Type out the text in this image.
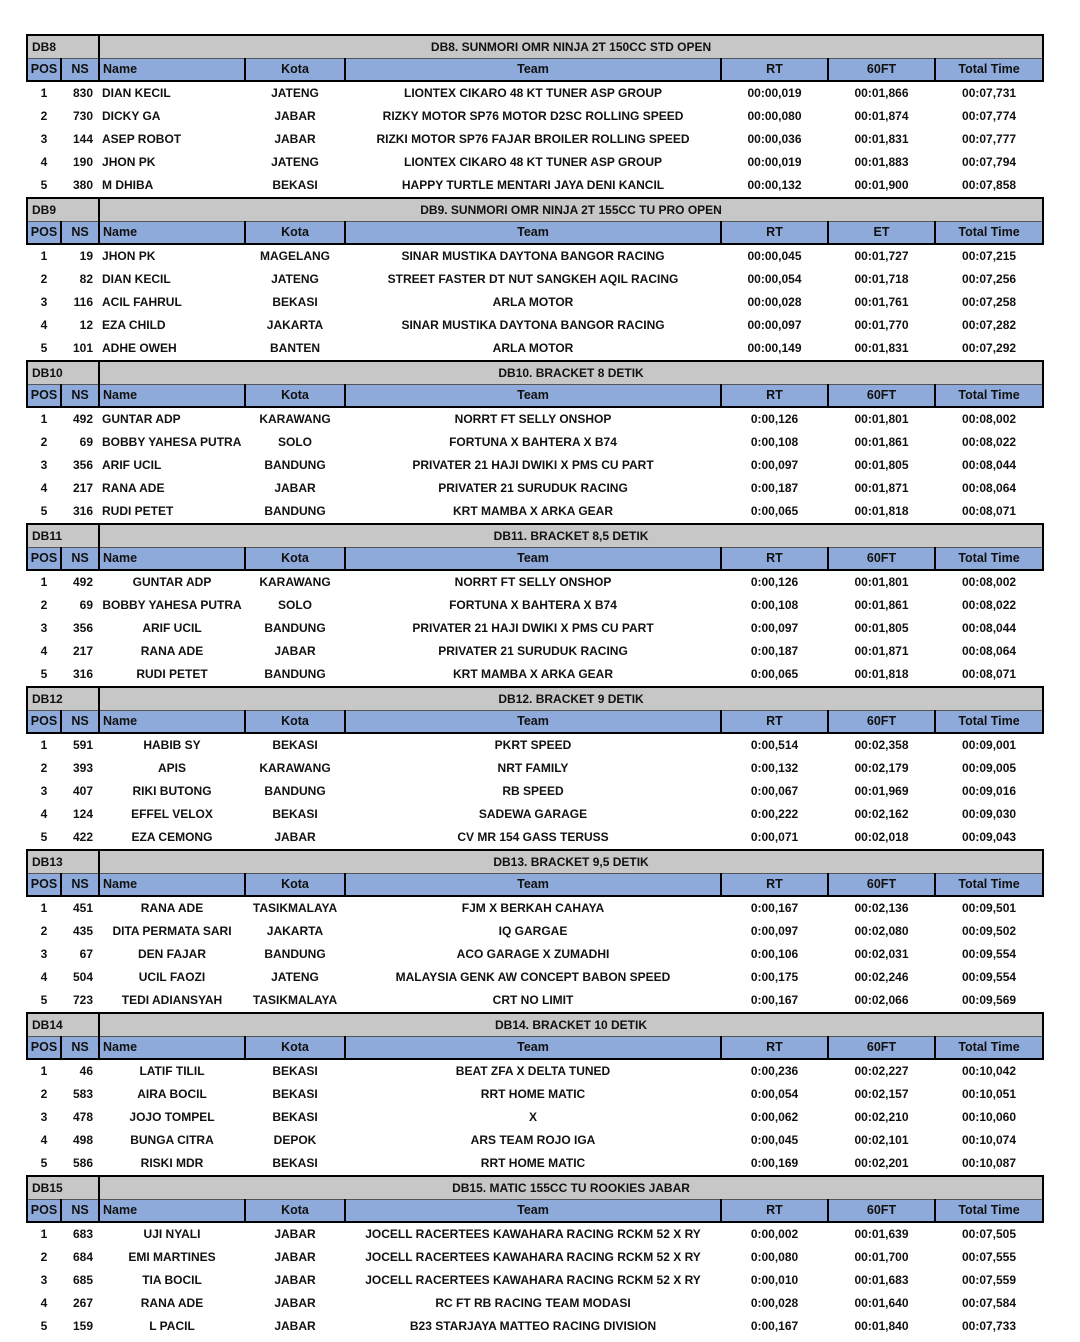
DB8		DB8. SUNMORI OMR NINJA 2T 150CC STD OPEN					
POS	NS	Name	Kota	Team	RT	60FT	Total Time
1	830	DIAN KECIL	JATENG	LIONTEX CIKARO 48 KT TUNER ASP GROUP	00:00,019	00:01,866	00:07,731
2	730	DICKY GA	JABAR	RIZKY MOTOR SP76 MOTOR D2SC ROLLING SPEED	00:00,080	00:01,874	00:07,774
3	144	ASEP ROBOT	JABAR	RIZKI MOTOR SP76 FAJAR BROILER ROLLING SPEED	00:00,036	00:01,831	00:07,777
4	190	JHON PK	JATENG	LIONTEX CIKARO 48 KT TUNER ASP GROUP	00:00,019	00:01,883	00:07,794
5	380	M DHIBA	BEKASI	HAPPY TURTLE MENTARI JAYA DENI KANCIL	00:00,132	00:01,900	00:07,858
DB9		DB9. SUNMORI OMR NINJA 2T 155CC TU PRO OPEN					
POS	NS	Name	Kota	Team	RT	ET	Total Time
1	19	JHON PK	MAGELANG	SINAR MUSTIKA DAYTONA BANGOR RACING	00:00,045	00:01,727	00:07,215
2	82	DIAN KECIL	JATENG	STREET FASTER DT NUT SANGKEH AQIL RACING	00:00,054	00:01,718	00:07,256
3	116	ACIL FAHRUL	BEKASI	ARLA MOTOR	00:00,028	00:01,761	00:07,258
4	12	EZA CHILD	JAKARTA	SINAR MUSTIKA DAYTONA BANGOR RACING	00:00,097	00:01,770	00:07,282
5	101	ADHE OWEH	BANTEN	ARLA MOTOR	00:00,149	00:01,831	00:07,292
DB10		DB10. BRACKET 8 DETIK					
POS	NS	Name	Kota	Team	RT	60FT	Total Time
1	492	GUNTAR ADP	KARAWANG	NORRT FT SELLY ONSHOP	0:00,126	00:01,801	00:08,002
2	69	BOBBY YAHESA PUTRA	SOLO	FORTUNA X BAHTERA X B74	0:00,108	00:01,861	00:08,022
3	356	ARIF UCIL	BANDUNG	PRIVATER 21 HAJI DWIKI X PMS CU PART	0:00,097	00:01,805	00:08,044
4	217	RANA ADE	JABAR	PRIVATER 21 SURUDUK RACING	0:00,187	00:01,871	00:08,064
5	316	RUDI PETET	BANDUNG	KRT MAMBA X ARKA GEAR	0:00,065	00:01,818	00:08,071
DB11		DB11. BRACKET 8,5 DETIK					
POS	NS	Name	Kota	Team	RT	60FT	Total Time
1	492	GUNTAR ADP	KARAWANG	NORRT FT SELLY ONSHOP	0:00,126	00:01,801	00:08,002
2	69	BOBBY YAHESA PUTRA	SOLO	FORTUNA X BAHTERA X B74	0:00,108	00:01,861	00:08,022
3	356	ARIF UCIL	BANDUNG	PRIVATER 21 HAJI DWIKI X PMS CU PART	0:00,097	00:01,805	00:08,044
4	217	RANA ADE	JABAR	PRIVATER 21 SURUDUK RACING	0:00,187	00:01,871	00:08,064
5	316	RUDI PETET	BANDUNG	KRT MAMBA X ARKA GEAR	0:00,065	00:01,818	00:08,071
DB12		DB12. BRACKET 9 DETIK					
POS	NS	Name	Kota	Team	RT	60FT	Total Time
1	591	HABIB SY	BEKASI	PKRT SPEED	0:00,514	00:02,358	00:09,001
2	393	APIS	KARAWANG	NRT FAMILY	0:00,132	00:02,179	00:09,005
3	407	RIKI BUTONG	BANDUNG	RB SPEED	0:00,067	00:01,969	00:09,016
4	124	EFFEL VELOX	BEKASI	SADEWA GARAGE	0:00,222	00:02,162	00:09,030
5	422	EZA CEMONG	JABAR	CV MR 154 GASS TERUSS	0:00,071	00:02,018	00:09,043
DB13		DB13. BRACKET 9,5 DETIK					
POS	NS	Name	Kota	Team	RT	60FT	Total Time
1	451	RANA ADE	TASIKMALAYA	FJM X BERKAH CAHAYA	0:00,167	00:02,136	00:09,501
2	435	DITA PERMATA SARI	JAKARTA	IQ GARGAE	0:00,097	00:02,080	00:09,502
3	67	DEN FAJAR	BANDUNG	ACO GARAGE X ZUMADHI	0:00,106	00:02,031	00:09,554
4	504	UCIL FAOZI	JATENG	MALAYSIA GENK AW CONCEPT BABON SPEED	0:00,175	00:02,246	00:09,554
5	723	TEDI ADIANSYAH	TASIKMALAYA	CRT NO LIMIT	0:00,167	00:02,066	00:09,569
DB14		DB14. BRACKET 10 DETIK					
POS	NS	Name	Kota	Team	RT	60FT	Total Time
1	46	LATIF TILIL	BEKASI	BEAT ZFA X DELTA TUNED	0:00,236	00:02,227	00:10,042
2	583	AIRA BOCIL	BEKASI	RRT HOME MATIC	0:00,054	00:02,157	00:10,051
3	478	JOJO TOMPEL	BEKASI	X	0:00,062	00:02,210	00:10,060
4	498	BUNGA CITRA	DEPOK	ARS TEAM ROJO IGA	0:00,045	00:02,101	00:10,074
5	586	RISKI MDR	BEKASI	RRT HOME MATIC	0:00,169	00:02,201	00:10,087
DB15		DB15. MATIC 155CC TU ROOKIES JABAR					
POS	NS	Name	Kota	Team	RT	60FT	Total Time
1	683	UJI NYALI	JABAR	JOCELL RACERTEES KAWAHARA RACING RCKM 52 X RY	0:00,002	00:01,639	00:07,505
2	684	EMI MARTINES	JABAR	JOCELL RACERTEES KAWAHARA RACING RCKM 52 X RY	0:00,080	00:01,700	00:07,555
3	685	TIA BOCIL	JABAR	JOCELL RACERTEES KAWAHARA RACING RCKM 52 X RY	0:00,010	00:01,683	00:07,559
4	267	RANA ADE	JABAR	RC FT RB RACING TEAM MODASI	0:00,028	00:01,640	00:07,584
5	159	L PACIL	JABAR	B23 STARJAYA MATTEO RACING DIVISION	0:00,167	00:01,840	00:07,733
